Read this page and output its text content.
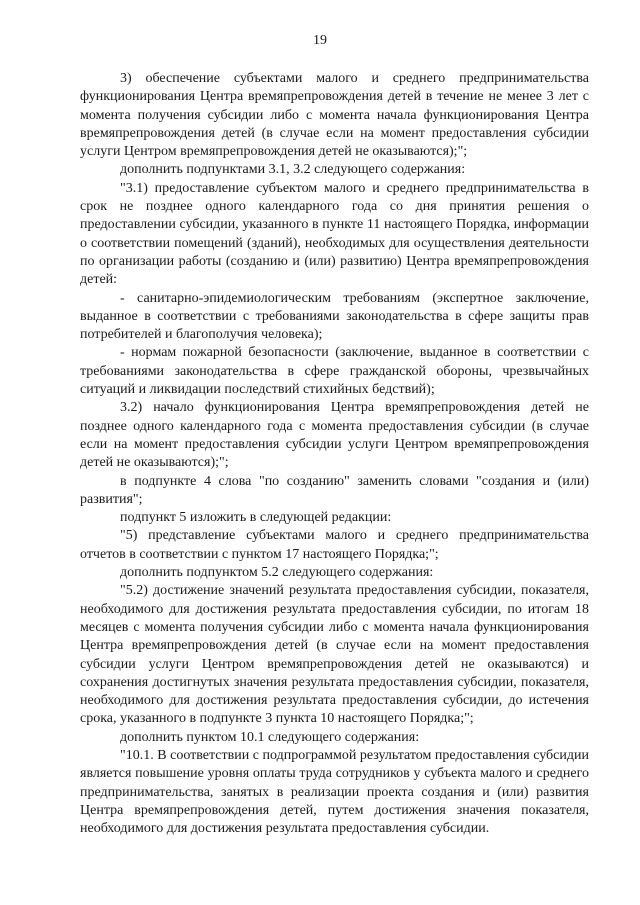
19

3) обеспечение субъектами малого и среднего предпринимательства функционирования Центра времяпрепровождения детей в течение не менее 3 лет с момента получения субсидии либо с момента начала функционирования Центра времяпрепровождения детей (в случае если на момент предоставления субсидии услуги Центром времяпрепровождения детей не оказываются);";

дополнить подпунктами 3.1, 3.2 следующего содержания:

"3.1) предоставление субъектом малого и среднего предпринимательства в срок не позднее одного календарного года со дня принятия решения о предоставлении субсидии, указанного в пункте 11 настоящего Порядка, информации о соответствии помещений (зданий), необходимых для осуществления деятельности по организации работы (созданию и (или) развитию) Центра времяпрепровождения детей:

- санитарно-эпидемиологическим требованиям (экспертное заключение, выданное в соответствии с требованиями законодательства в сфере защиты прав потребителей и благополучия человека);

- нормам пожарной безопасности (заключение, выданное в соответствии с требованиями законодательства в сфере гражданской обороны, чрезвычайных ситуаций и ликвидации последствий стихийных бедствий);

3.2) начало функционирования Центра времяпрепровождения детей не позднее одного календарного года с момента предоставления субсидии (в случае если на момент предоставления субсидии услуги Центром времяпрепровождения детей не оказываются);";

в подпункте 4 слова "по созданию" заменить словами "создания и (или) развития";

подпункт 5 изложить в следующей редакции:

"5) представление субъектами малого и среднего предпринимательства отчетов в соответствии с пунктом 17 настоящего Порядка;";

дополнить подпунктом 5.2 следующего содержания:

"5.2) достижение значений результата предоставления субсидии, показателя, необходимого для достижения результата предоставления субсидии, по итогам 18 месяцев с момента получения субсидии либо с момента начала функционирования Центра времяпрепровождения детей (в случае если на момент предоставления субсидии услуги Центром времяпрепровождения детей не оказываются) и сохранения достигнутых значения результата предоставления субсидии, показателя, необходимого для достижения результата предоставления субсидии, до истечения срока, указанного в подпункте 3 пункта 10 настоящего Порядка;";

дополнить пунктом 10.1 следующего содержания:

"10.1. В соответствии с подпрограммой результатом предоставления субсидии является повышение уровня оплаты труда сотрудников у субъекта малого и среднего предпринимательства, занятых в реализации проекта создания и (или) развития Центра времяпрепровождения детей, путем достижения значения показателя, необходимого для достижения результата предоставления субсидии.
